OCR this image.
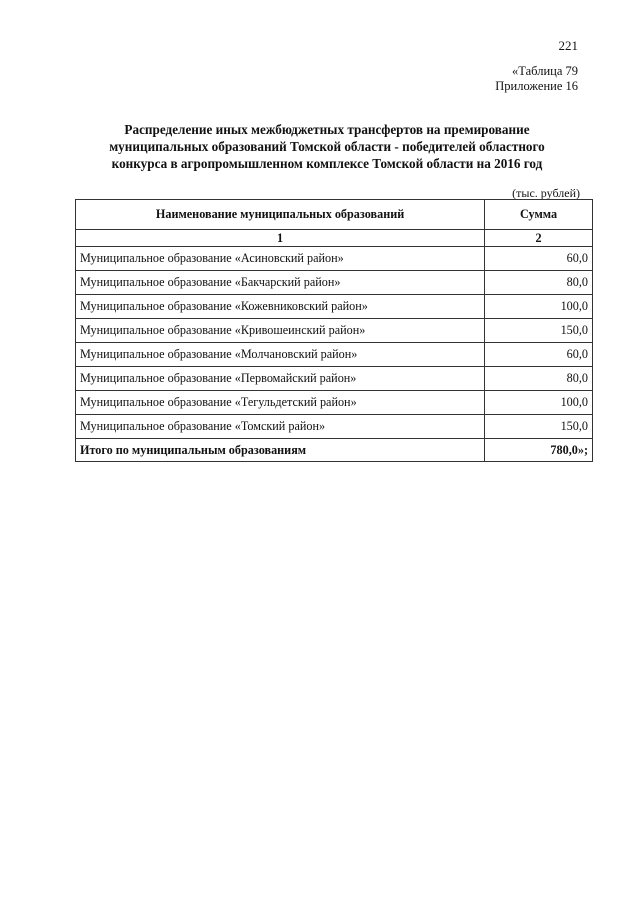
221
«Таблица 79
Приложение 16
Распределение иных межбюджетных трансфертов на премирование
муниципальных образований Томской области - победителей областного
конкурса в агропромышленном комплексе Томской области на 2016 год
(тыс. рублей)
Наименование муниципальных образований	Сумма
1	2
Муниципальное образование «Асиновский район»	60,0
Муниципальное образование «Бакчарский район»	80,0
Муниципальное образование «Кожевниковский район»	100,0
Муниципальное образование «Кривошеинский район»	150,0
Муниципальное образование «Молчановский район»	60,0
Муниципальное образование «Первомайский район»	80,0
Муниципальное образование «Тегульдетский район»	100,0
Муниципальное образование «Томский район»	150,0
Итого по муниципальным образованиям	780,0»;
